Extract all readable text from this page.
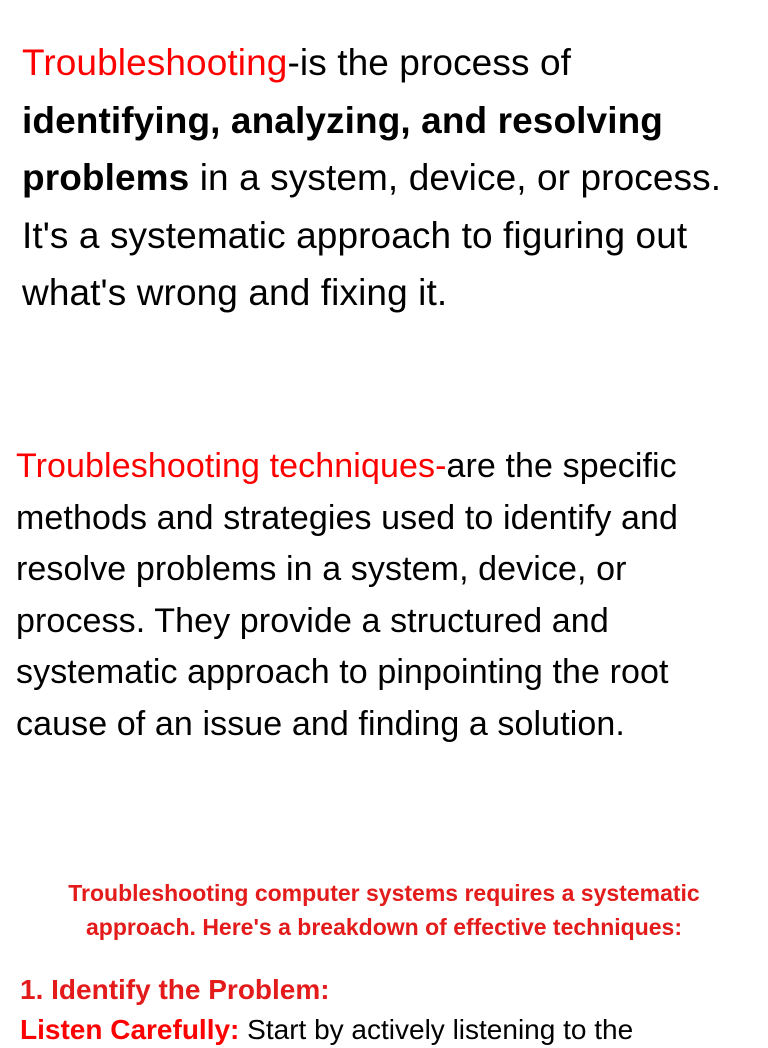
Troubleshooting-is the process of identifying, analyzing, and resolving problems in a system, device, or process. It's a systematic approach to figuring out what's wrong and fixing it.

Troubleshooting techniques-are the specific methods and strategies used to identify and resolve problems in a system, device, or process. They provide a structured and systematic approach to pinpointing the root cause of an issue and finding a solution.

Troubleshooting computer systems requires a systematic
approach. Here's a breakdown of effective techniques:

1. Identify the Problem:

Listen Carefully: Start by actively listening to the
